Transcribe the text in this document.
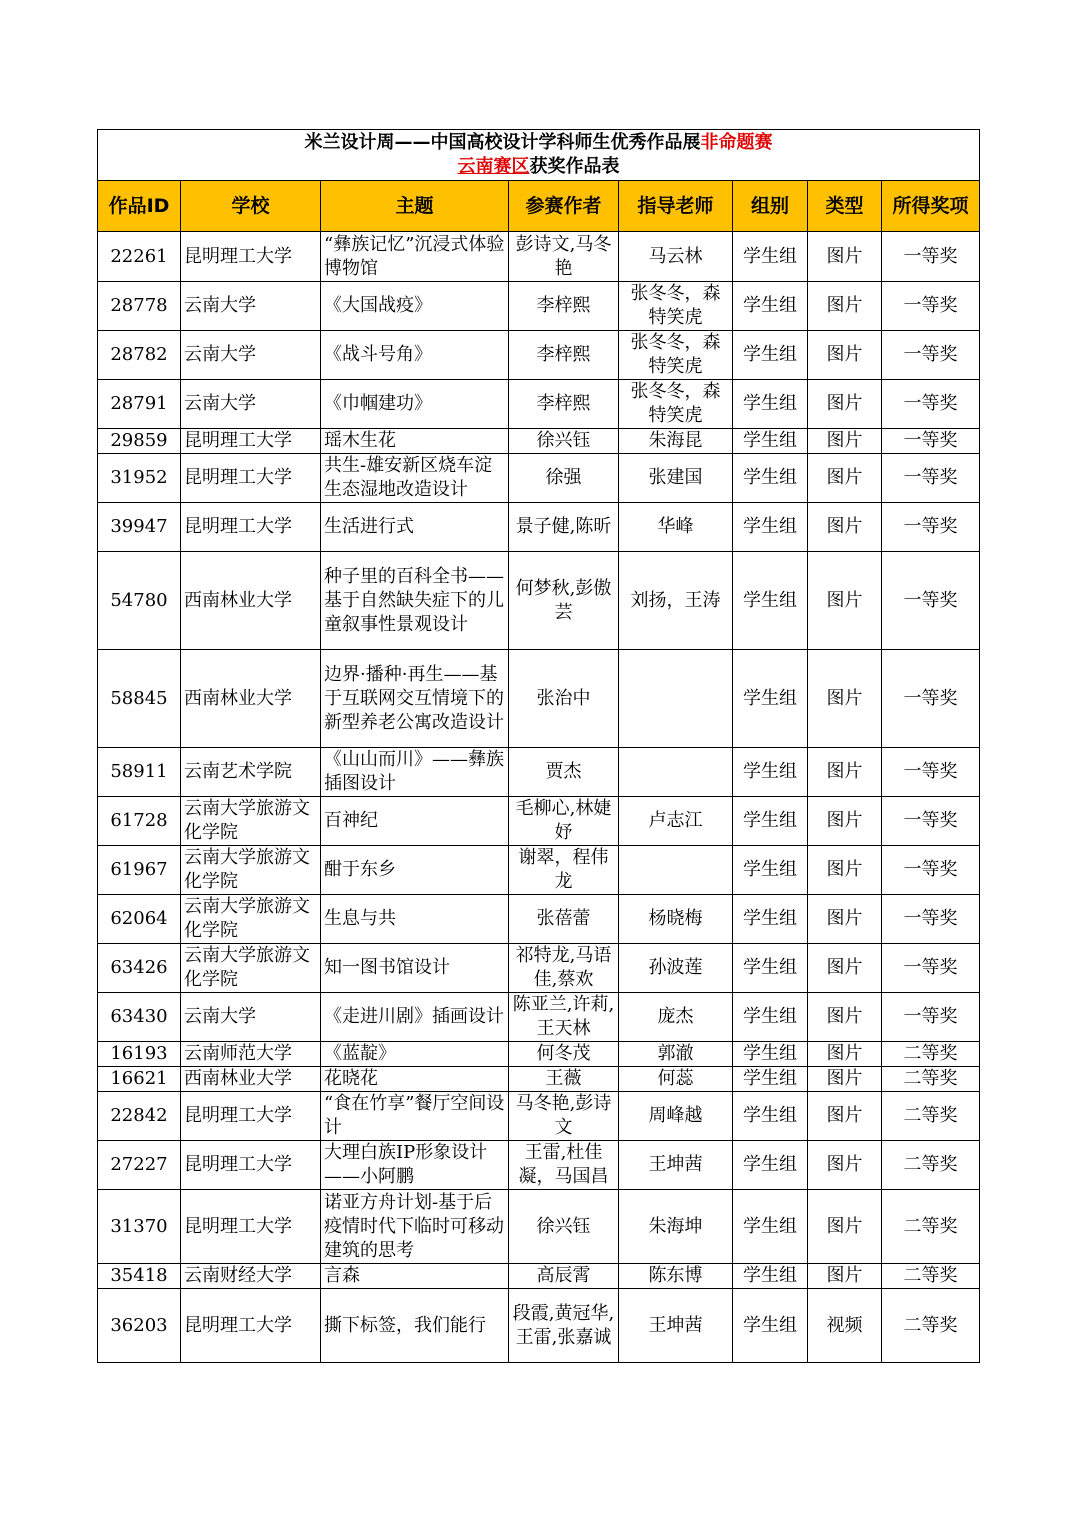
米兰设计周——中国高校设计学科师生优秀作品展非命题赛
云南赛区获奖作品表							
作品ID	学校	主题	参赛作者	指导老师	组别	类型	所得奖项
22261	昆明理工大学	“彝族记忆”沉浸式体验博物馆	彭诗文,马冬艳	马云林	学生组	图片	一等奖
28778	云南大学	《大国战疫》	李梓熙	张冬冬，森特笑虎	学生组	图片	一等奖
28782	云南大学	《战斗号角》	李梓熙	张冬冬，森特笑虎	学生组	图片	一等奖
28791	云南大学	《巾帼建功》	李梓熙	张冬冬，森特笑虎	学生组	图片	一等奖
29859	昆明理工大学	瑶木生花	徐兴钰	朱海昆	学生组	图片	一等奖
31952	昆明理工大学	共生-雄安新区烧车淀生态湿地改造设计	徐强	张建国	学生组	图片	一等奖
39947	昆明理工大学	生活进行式	景子健,陈昕	华峰	学生组	图片	一等奖
54780	西南林业大学	种子里的百科全书——基于自然缺失症下的儿童叙事性景观设计	何梦秋,彭傲芸	刘扬，王涛	学生组	图片	一等奖
58845	西南林业大学	边界·播种·再生——基于互联网交互情境下的新型养老公寓改造设计	张治中		学生组	图片	一等奖
58911	云南艺术学院	《山山而川》——彝族插图设计	贾杰		学生组	图片	一等奖
61728	云南大学旅游文化学院	百神纪	毛柳心,林婕妤	卢志江	学生组	图片	一等奖
61967	云南大学旅游文化学院	酣于东乡	谢翠，程伟龙		学生组	图片	一等奖
62064	云南大学旅游文化学院	生息与共	张蓓蕾	杨晓梅	学生组	图片	一等奖
63426	云南大学旅游文化学院	知一图书馆设计	祁特龙,马语佳,蔡欢	孙波莲	学生组	图片	一等奖
63430	云南大学	《走进川剧》插画设计	陈亚兰,许莉,王天林	庞杰	学生组	图片	一等奖
16193	云南师范大学	《蓝靛》	何冬茂	郭澈	学生组	图片	二等奖
16621	西南林业大学	花晓花	王薇	何蕊	学生组	图片	二等奖
22842	昆明理工大学	“食在竹享”餐厅空间设计	马冬艳,彭诗文	周峰越	学生组	图片	二等奖
27227	昆明理工大学	大理白族IP形象设计——小阿鹏	王雷,杜佳凝，马国昌	王坤茜	学生组	图片	二等奖
31370	昆明理工大学	诺亚方舟计划-基于后疫情时代下临时可移动建筑的思考	徐兴钰	朱海坤	学生组	图片	二等奖
35418	云南财经大学	言森	高辰霄	陈东博	学生组	图片	二等奖
36203	昆明理工大学	撕下标签，我们能行	段霞,黄冠华,王雷,张嘉诚	王坤茜	学生组	视频	二等奖
